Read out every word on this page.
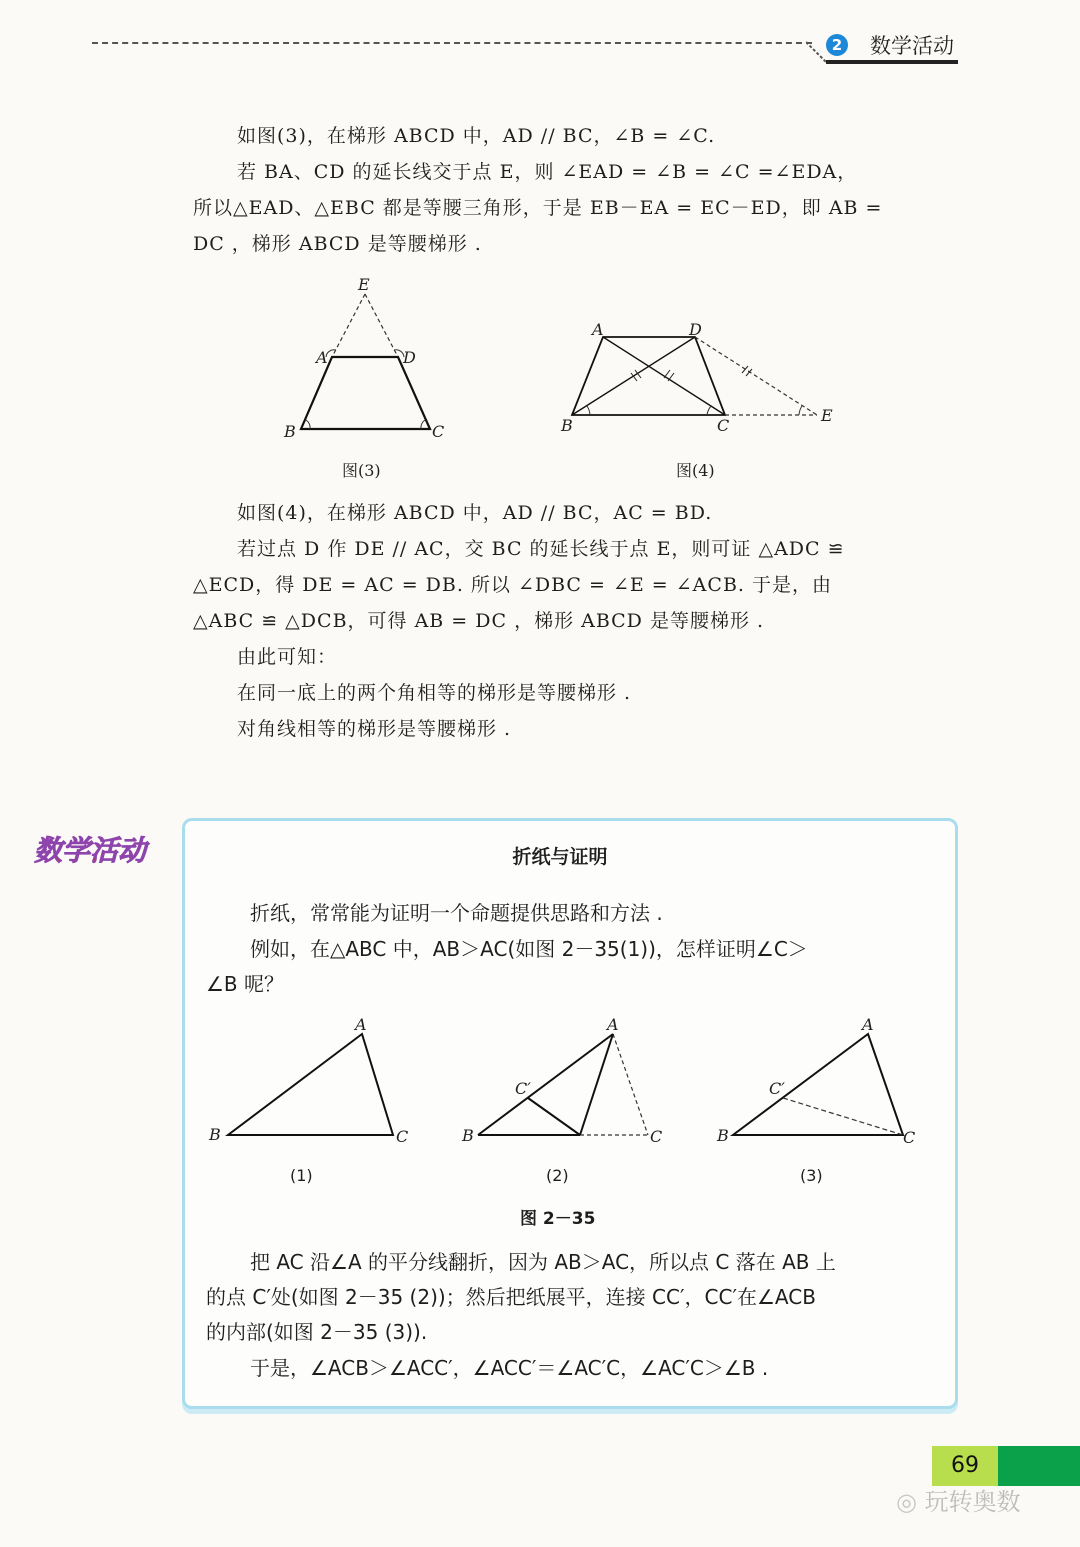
2 数学活动
如图(3)，在梯形 ABCD 中，AD // BC，∠B = ∠C.
若 BA、CD 的延长线交于点 E，则 ∠EAD = ∠B = ∠C =∠EDA，
所以△EAD、△EBC 都是等腰三角形，于是 EB－EA = EC－ED，即 AB =
DC ，梯形 ABCD 是等腰梯形 .
E
A	D
B	C
图(3)
A	D
B	C
E
图(4)
如图(4)，在梯形 ABCD 中，AD // BC，AC = BD.
若过点 D 作 DE // AC，交 BC 的延长线于点 E，则可证 △ADC ≌
△ECD，得 DE = AC = DB. 所以 ∠DBC = ∠E = ∠ACB. 于是，由
△ABC ≌ △DCB，可得 AB = DC ，梯形 ABCD 是等腰梯形 .
由此可知：
在同一底上的两个角相等的梯形是等腰梯形 .
对角线相等的梯形是等腰梯形 .
数学活动	折纸与证明
折纸，常常能为证明一个命题提供思路和方法 .
例如，在△ABC 中，AB＞AC(如图 2－35(1))，怎样证明∠C＞
∠B 呢？
A
B	C
A
B	C
C′
A
B	C
C′
(1)	(2)	(3)
图 2－35
把 AC 沿∠A 的平分线翻折，因为 AB＞AC，所以点 C 落在 AB 上
的点 C′处(如图 2－35 (2))；然后把纸展平，连接 CC′，CC′在∠ACB
的内部(如图 2－35 (3)).
于是，∠ACB＞∠ACC′，∠ACC′＝∠AC′C，∠AC′C＞∠B .
69
◎ 玩转奥数
